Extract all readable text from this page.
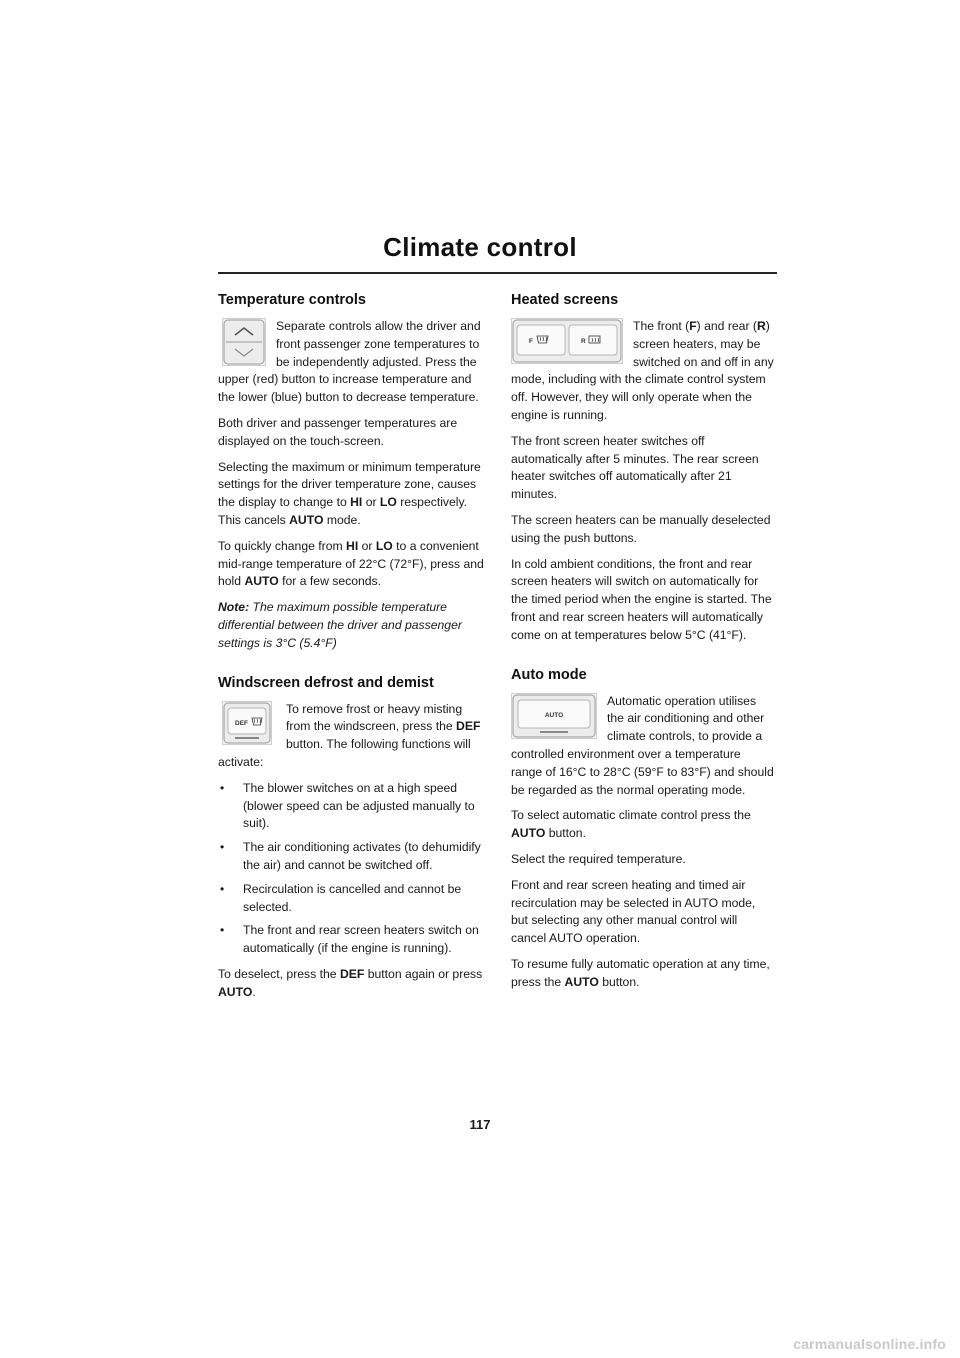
Climate control
Temperature controls

Separate controls allow the driver and front passenger zone temperatures to be independently adjusted. Press the upper (red) button to increase temperature and the lower (blue) button to decrease temperature.

Both driver and passenger temperatures are displayed on the touch-screen.

Selecting the maximum or minimum temperature settings for the driver temperature zone, causes the display to change to HI or LO respectively. This cancels AUTO mode.

To quickly change from HI or LO to a convenient mid-range temperature of 22°C (72°F), press and hold AUTO for a few seconds.

Note: The maximum possible temperature differential between the driver and passenger settings is 3°C (5.4°F)

Windscreen defrost and demist
DEF

To remove frost or heavy misting from the windscreen, press the DEF button. The following functions will activate:

• The blower switches on at a high speed (blower speed can be adjusted manually to suit).
• The air conditioning activates (to dehumidify the air) and cannot be switched off.
• Recirculation is cancelled and cannot be selected.
• The front and rear screen heaters switch on automatically (if the engine is running).

To deselect, press the DEF button again or press AUTO.

Heated screens
F	R

The front (F) and rear (R) screen heaters, may be switched on and off in any mode, including with the climate control system off. However, they will only operate when the engine is running.

The front screen heater switches off automatically after 5 minutes. The rear screen heater switches off automatically after 21 minutes.

The screen heaters can be manually deselected using the push buttons.

In cold ambient conditions, the front and rear screen heaters will switch on automatically for the timed period when the engine is started. The front and rear screen heaters will automatically come on at temperatures below 5°C (41°F).

Auto mode
AUTO

Automatic operation utilises the air conditioning and other climate controls, to provide a controlled environment over a temperature range of 16°C to 28°C (59°F to 83°F) and should be regarded as the normal operating mode.

To select automatic climate control press the AUTO button.

Select the required temperature.

Front and rear screen heating and timed air recirculation may be selected in AUTO mode, but selecting any other manual control will cancel AUTO operation.

To resume fully automatic operation at any time, press the AUTO button.

117
carmanualsonline.info
